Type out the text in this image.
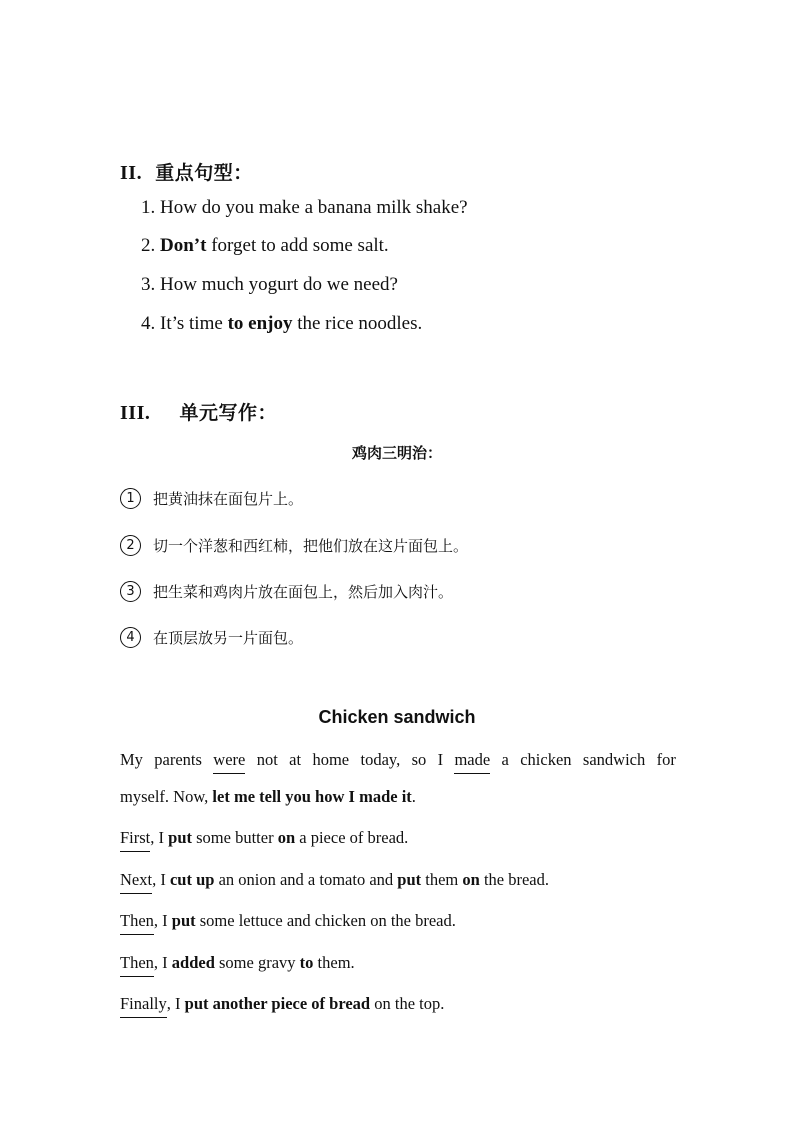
II. 重点句型：
1. How do you make a banana milk shake?
2. Don’t forget to add some salt.
3. How much yogurt do we need?
4. It’s time to enjoy the rice noodles.
III. 单元写作：
鸡肉三明治：
1	把黄油抹在面包片上。
2	切一个洋葱和西红柿，把他们放在这片面包上。
3	把生菜和鸡肉片放在面包上，然后加入肉汁。
4	在顶层放另一片面包。
Chicken sandwich
My parents were not at home today, so I made a chicken sandwich for
myself. Now, let me tell you how I made it.
First, I put some butter on a piece of bread.
Next, I cut up an onion and a tomato and put them on the bread.
Then, I put some lettuce and chicken on the bread.
Then, I added some gravy to them.
Finally, I put another piece of bread on the top.
